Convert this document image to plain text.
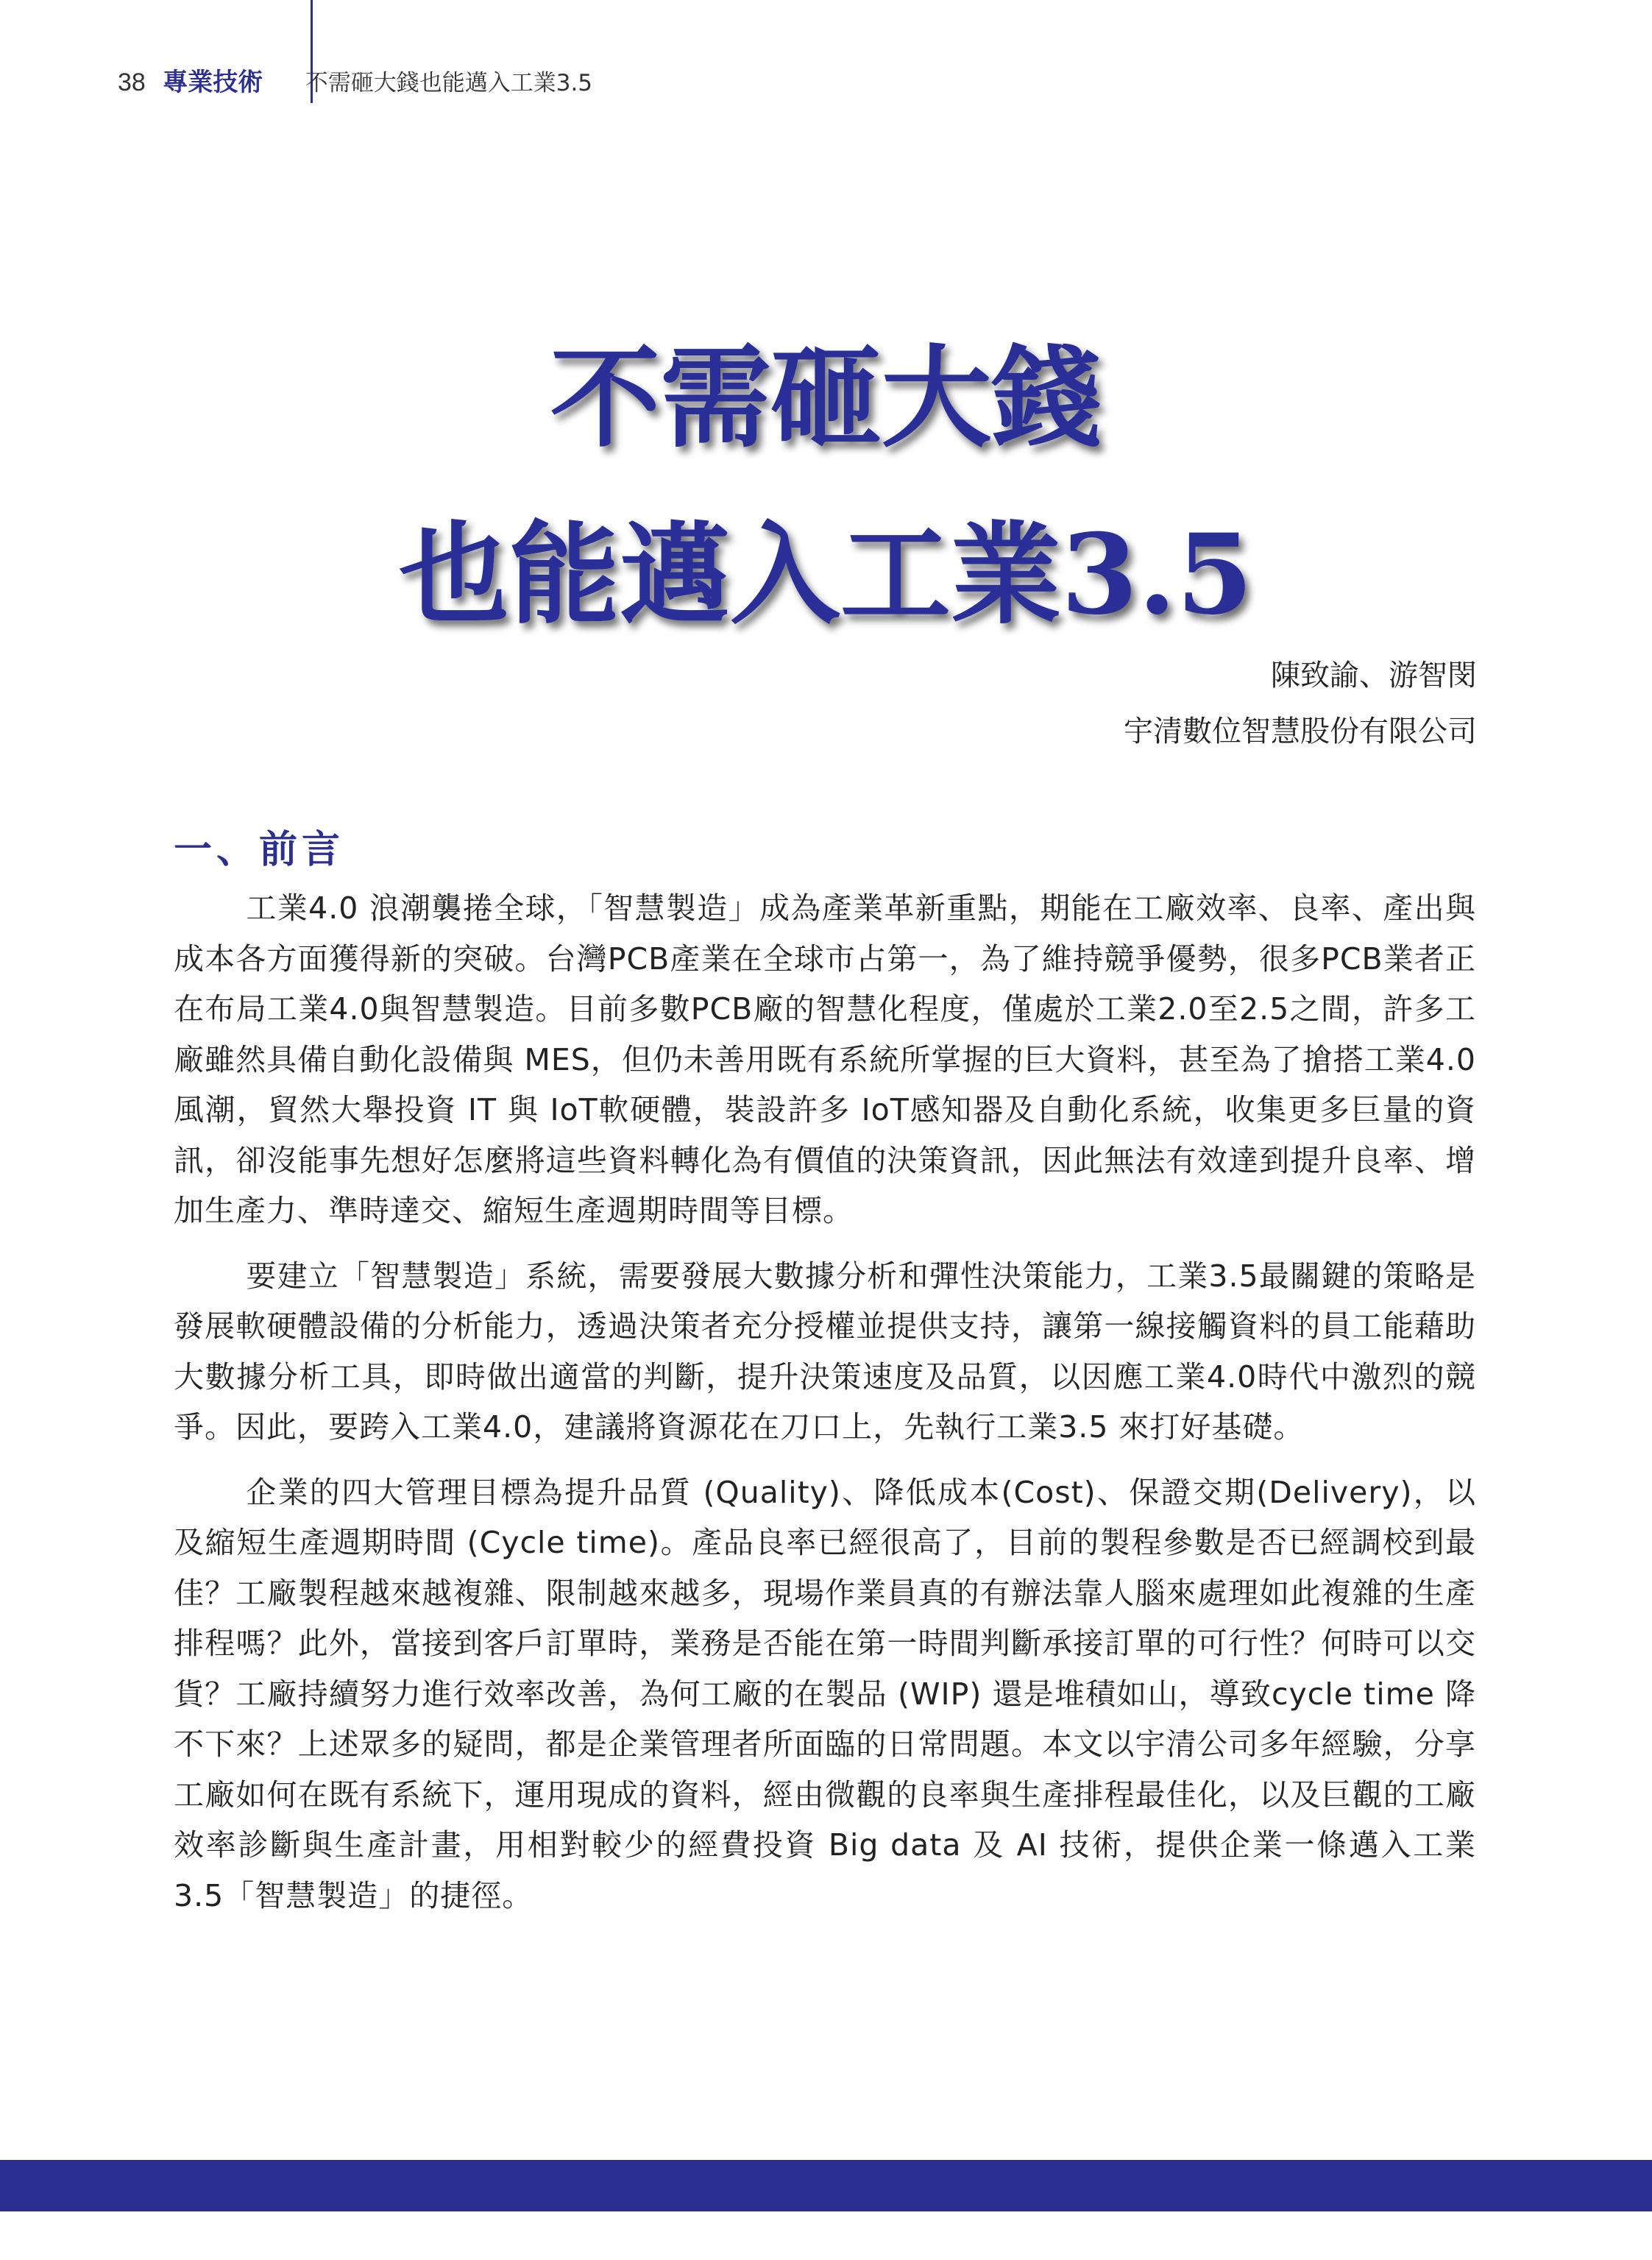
38 專業技術 不需砸大錢也能邁入工業3.5
不需砸大錢
也能邁入工業3.5
陳致諭、游智閔
宇清數位智慧股份有限公司
一、前言

工業4.0 浪潮襲捲全球，「智慧製造」成為產業革新重點，期能在工廠效率、良率、產出與成本各方面獲得新的突破。台灣PCB產業在全球市占第一，為了維持競爭優勢，很多PCB業者正在布局工業4.0與智慧製造。目前多數PCB廠的智慧化程度，僅處於工業2.0至2.5之間，許多工廠雖然具備自動化設備與 MES，但仍未善用既有系統所掌握的巨大資料，甚至為了搶搭工業4.0 風潮，貿然大舉投資 IT 與 IoT軟硬體，裝設許多 IoT感知器及自動化系統，收集更多巨量的資訊，卻沒能事先想好怎麼將這些資料轉化為有價值的決策資訊，因此無法有效達到提升良率、增加生產力、準時達交、縮短生產週期時間等目標。

要建立「智慧製造」系統，需要發展大數據分析和彈性決策能力，工業3.5最關鍵的策略是發展軟硬體設備的分析能力，透過決策者充分授權並提供支持，讓第一線接觸資料的員工能藉助大數據分析工具，即時做出適當的判斷，提升決策速度及品質，以因應工業4.0時代中激烈的競爭。因此，要跨入工業4.0，建議將資源花在刀口上，先執行工業3.5 來打好基礎。

企業的四大管理目標為提升品質 (Quality)、降低成本(Cost)、保證交期(Delivery)，以及縮短生產週期時間 (Cycle time)。產品良率已經很高了，目前的製程參數是否已經調校到最佳？工廠製程越來越複雜、限制越來越多，現場作業員真的有辦法靠人腦來處理如此複雜的生產排程嗎？此外，當接到客戶訂單時，業務是否能在第一時間判斷承接訂單的可行性？何時可以交貨？工廠持續努力進行效率改善，為何工廠的在製品 (WIP) 還是堆積如山，導致cycle time 降不下來？上述眾多的疑問，都是企業管理者所面臨的日常問題。本文以宇清公司多年經驗，分享工廠如何在既有系統下，運用現成的資料，經由微觀的良率與生產排程最佳化，以及巨觀的工廠效率診斷與生產計畫，用相對較少的經費投資 Big data 及 AI 技術，提供企業一條邁入工業3.5「智慧製造」的捷徑。
